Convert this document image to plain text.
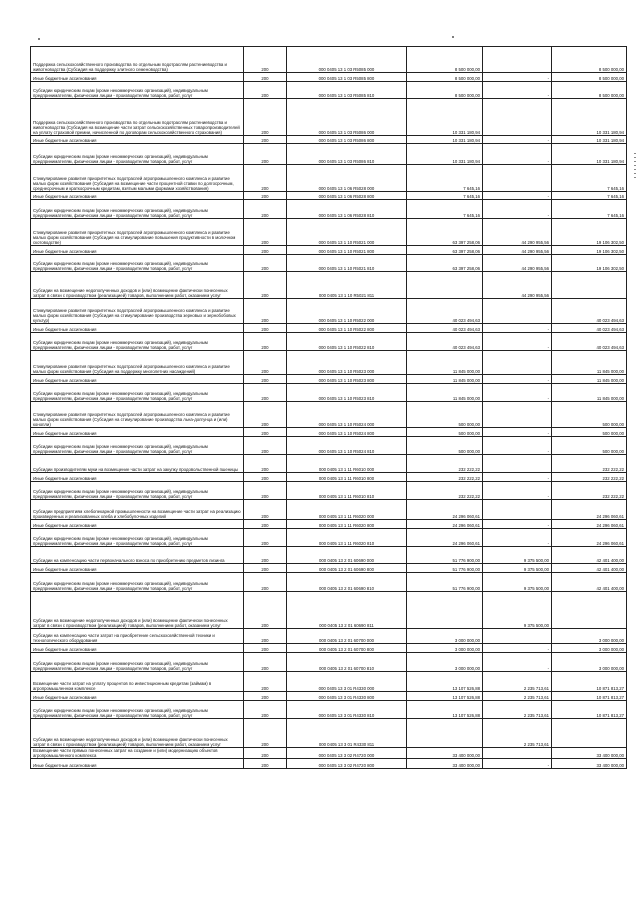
Поддержка сельскохозяйственного производства по отдельным подотраслям растениеводства и животноводства (Субсидия на поддержку элитного семеноводства)	200	000 0405 13 1 03 R5085 000	8 500 000,00		8 500 000,00
Иные бюджетные ассигнования	200	000 0405 13 1 03 R5085 800	8 500 000,00	-	8 500 000,00
Субсидии юридическим лицам (кроме некоммерческих организаций), индивидуальным предпринимателям, физическим лицам - производителям товаров, работ, услуг	200	000 0405 13 1 03 R5085 810	8 500 000,00	-	8 500 000,00
Поддержка сельскохозяйственного производства по отдельным подотраслям растениеводства и животноводства (Субсидия на возмещение части затрат сельскохозяйственных товаропроизводителей на уплату страховой премии, начисленной по договорам сельскохозяйственного страхования)	200	000 0405 13 1 03 R5086 000	10 331 180,94		10 331 180,94
Иные бюджетные ассигнования	200	000 0405 13 1 03 R5086 800	10 331 180,94	-	10 331 180,94
Субсидии юридическим лицам (кроме некоммерческих организаций), индивидуальным предпринимателям, физическим лицам - производителям товаров, работ, услуг	200	000 0405 13 1 03 R5086 810	10 331 180,94	-	10 331 180,94
Стимулирование развития приоритетных подотраслей агропромышленного комплекса и развитие малых форм хозяйствования (Субсидия на возмещение части процентной ставки по долгосрочным, среднесрочным и краткосрочным кредитам, взятым малыми формами хозяйствования)	200	000 0405 13 1 06 R5028 000	7 645,16		7 645,16
Иные бюджетные ассигнования	200	000 0405 13 1 06 R5028 800	7 645,16	-	7 645,16
Субсидии юридическим лицам (кроме некоммерческих организаций), индивидуальным предпринимателям, физическим лицам - производителям товаров, работ, услуг	200	000 0405 13 1 06 R5028 810	7 645,16	-	7 645,16
Стимулирование развития приоритетных подотраслей агропромышленного комплекса и развитие малых форм хозяйствования (Субсидия на стимулирование повышения продуктивности в молочном скотоводстве)	200	000 0405 13 1 10 R5021 000	63 397 258,06	44 290 955,56	19 106 302,50
Иные бюджетные ассигнования	200	000 0405 13 1 10 R5021 800	63 397 258,06	44 290 955,56	19 106 302,50
Субсидии юридическим лицам (кроме некоммерческих организаций), индивидуальным предпринимателям, физическим лицам - производителям товаров, работ, услуг	200	000 0405 13 1 10 R5021 810	63 397 258,06	44 290 955,56	19 106 302,50
Субсидии на возмещение недополученных доходов и (или) возмещение фактически понесенных затрат в связи с производством (реализацией) товаров, выполнением работ, оказанием услуг	200	000 0405 13 1 10 R5021 811		44 290 955,56	
Стимулирование развития приоритетных подотраслей агропромышленного комплекса и развитие малых форм хозяйствования (Субсидия на стимулирование производства зерновых и зернобобовых культур)	200	000 0405 13 1 10 R5022 000	40 023 494,63		40 023 494,63
Иные бюджетные ассигнования	200	000 0405 13 1 10 R5022 800	40 023 494,63	-	40 023 494,63
Субсидии юридическим лицам (кроме некоммерческих организаций), индивидуальным предпринимателям, физическим лицам - производителям товаров, работ, услуг	200	000 0405 13 1 10 R5022 810	40 023 494,63	-	40 023 494,63
Стимулирование развития приоритетных подотраслей агропромышленного комплекса и развитие малых форм хозяйствования (Субсидия на поддержку многолетних насаждений)	200	000 0405 13 1 10 R5023 000	11 845 000,00		11 845 000,00
Иные бюджетные ассигнования	200	000 0405 13 1 10 R5023 800	11 845 000,00	-	11 845 000,00
Субсидии юридическим лицам (кроме некоммерческих организаций), индивидуальным предпринимателям, физическим лицам - производителям товаров, работ, услуг	200	000 0405 13 1 10 R5023 810	11 845 000,00	-	11 845 000,00
Стимулирование развития приоритетных подотраслей агропромышленного комплекса и развитие малых форм хозяйствования (Субсидия на стимулирование производства льна-долгунца и (или) конопли)	200	000 0405 13 1 10 R5024 000	500 000,00		500 000,00
Иные бюджетные ассигнования	200	000 0405 13 1 10 R5024 800	500 000,00	-	500 000,00
Субсидии юридическим лицам (кроме некоммерческих организаций), индивидуальным предпринимателям, физическим лицам - производителям товаров, работ, услуг	200	000 0405 13 1 10 R5024 810	500 000,00	-	500 000,00
Субсидии производителям муки на возмещение части затрат на закупку продовольственной пшеницы	200	000 0405 13 1 11 R6010 000	232 222,22		232 222,22
Иные бюджетные ассигнования	200	000 0405 13 1 11 R6010 800	232 222,22	-	232 222,22
Субсидии юридическим лицам (кроме некоммерческих организаций), индивидуальным предпринимателям, физическим лицам - производителям товаров, работ, услуг	200	000 0405 13 1 11 R6010 810	232 222,22	-	232 222,22
Субсидии предприятиям хлебопекарной промышленности на возмещение части затрат на реализацию произведенных и реализованных хлеба и хлебобулочных изделий	200	000 0405 13 1 11 R6020 000	24 296 060,61		24 296 060,61
Иные бюджетные ассигнования	200	000 0405 13 1 11 R6020 800	24 296 060,61	-	24 296 060,61
Субсидии юридическим лицам (кроме некоммерческих организаций), индивидуальным предпринимателям, физическим лицам - производителям товаров, работ, услуг	200	000 0405 13 1 11 R6020 810	24 296 060,61	-	24 296 060,61
Субсидии на компенсацию части первоначального взноса по приобретению предметов лизинга	200	000 0405 13 2 01 60690 000	51 776 900,00	9 375 500,00	42 401 400,00
Иные бюджетные ассигнования	200	000 0405 13 2 01 60690 800	51 776 900,00	9 375 500,00	42 401 400,00
Субсидии юридическим лицам (кроме некоммерческих организаций), индивидуальным предпринимателям, физическим лицам - производителям товаров, работ, услуг	200	000 0405 13 2 01 60690 810	51 776 900,00	9 375 500,00	42 401 400,00
Субсидии на возмещение недополученных доходов и (или) возмещение фактически понесенных затрат в связи с производством (реализацией) товаров, выполнением работ, оказанием услуг	200	000 0405 13 2 01 60690 811		9 375 500,00	
Субсидии на компенсацию части затрат на приобретение сельскохозяйственной техники и технологического оборудования	200	000 0405 13 2 01 60700 000	3 000 000,00		3 000 000,00
Иные бюджетные ассигнования	200	000 0405 13 2 01 60700 800	3 000 000,00	-	3 000 000,00
Субсидии юридическим лицам (кроме некоммерческих организаций), индивидуальным предпринимателям, физическим лицам - производителям товаров, работ, услуг	200	000 0405 13 2 01 60700 810	3 000 000,00	-	3 000 000,00
Возмещение части затрат на уплату процентов по инвестиционным кредитам (займам) в агропромышленном комплексе	200	000 0405 13 3 01 R4330 000	13 107 526,88	2 235 713,61	10 871 813,27
Иные бюджетные ассигнования	200	000 0405 13 3 01 R4330 800	13 107 526,88	2 235 713,61	10 871 813,27
Субсидии юридическим лицам (кроме некоммерческих организаций), индивидуальным предпринимателям, физическим лицам - производителям товаров, работ, услуг	200	000 0405 13 3 01 R4330 810	13 107 526,88	2 235 713,61	10 871 813,27
Субсидии на возмещение недополученных доходов и (или) возмещение фактически понесенных затрат в связи с производством (реализацией) товаров, выполнением работ, оказанием услуг	200	000 0405 13 3 01 R4330 811		2 235 713,61	
Возмещение части прямых понесенных затрат на создание и (или) модернизацию объектов агропромышленного комплекса	200	000 0405 13 3 02 R4720 000	33 400 000,00		33 400 000,00
Иные бюджетные ассигнования	200	000 0405 13 3 02 R4720 800	33 400 000,00	-	33 400 000,00
